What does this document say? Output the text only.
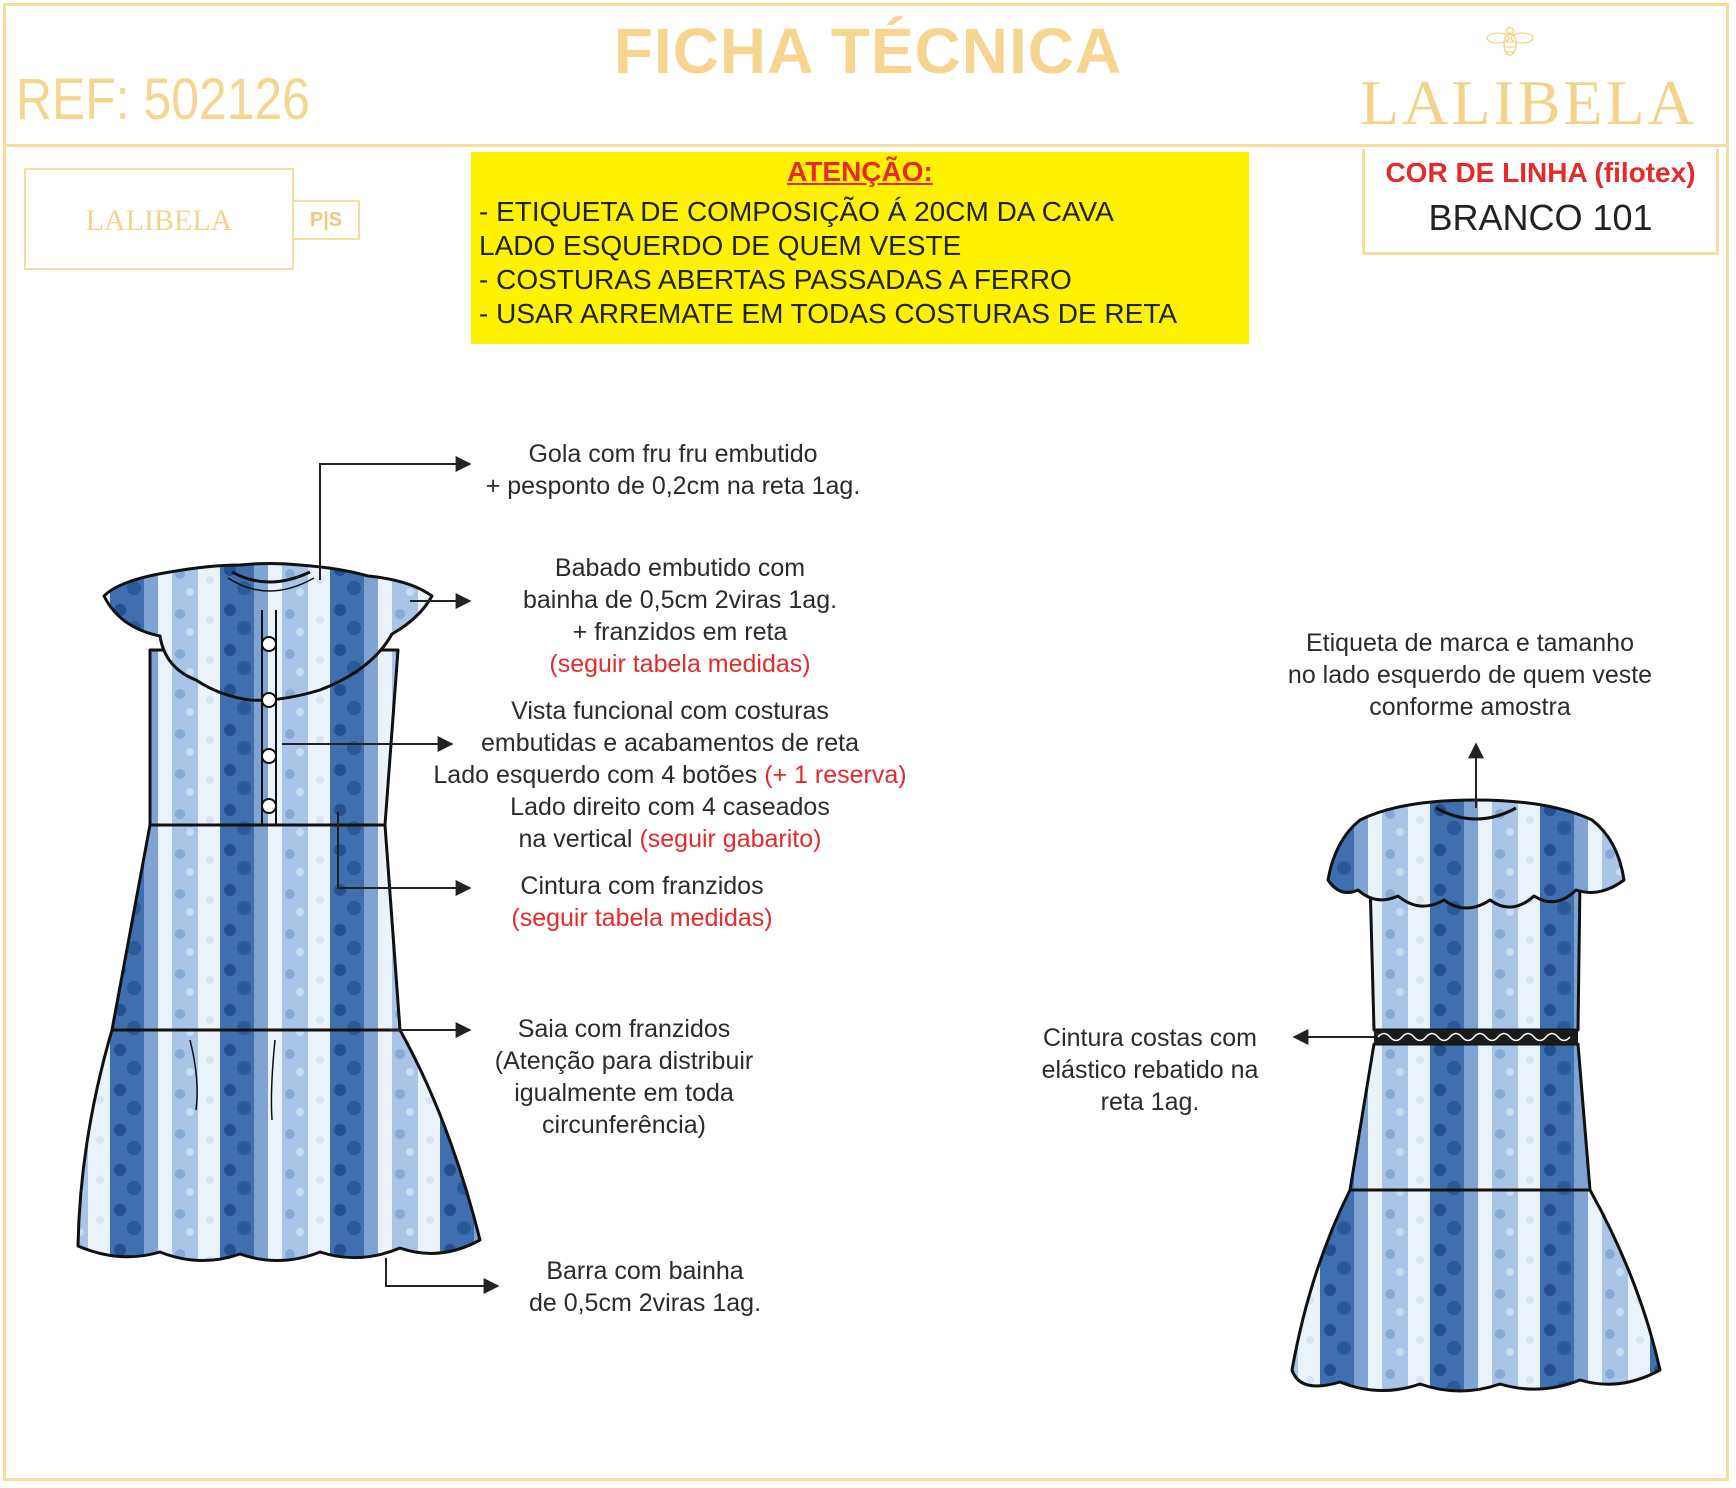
FICHA TÉCNICA
REF: 502126	LALIBELA
LALIBELA	P|S
ATENÇÃO:
- ETIQUETA DE COMPOSIÇÃO Á 20CM DA CAVA
LADO ESQUERDO DE QUEM VESTE
- COSTURAS ABERTAS PASSADAS A FERRO
- USAR ARREMATE EM TODAS COSTURAS DE RETA
COR DE LINHA (filotex)
BRANCO 101
Gola com fru fru embutido
+ pesponto de 0,2cm na reta 1ag.
Babado embutido com
bainha de 0,5cm 2viras 1ag.
+ franzidos em reta
(seguir tabela medidas)
Vista funcional com costuras
embutidas e acabamentos de reta
Lado esquerdo com 4 botões (+ 1 reserva)
Lado direito com 4 caseados
na vertical (seguir gabarito)
Cintura com franzidos
(seguir tabela medidas)
Saia com franzidos
(Atenção para distribuir
igualmente em toda
circunferência)
Barra com bainha
de 0,5cm 2viras 1ag.
Etiqueta de marca e tamanho
no lado esquerdo de quem veste
conforme amostra
Cintura costas com
elástico rebatido na
reta 1ag.
